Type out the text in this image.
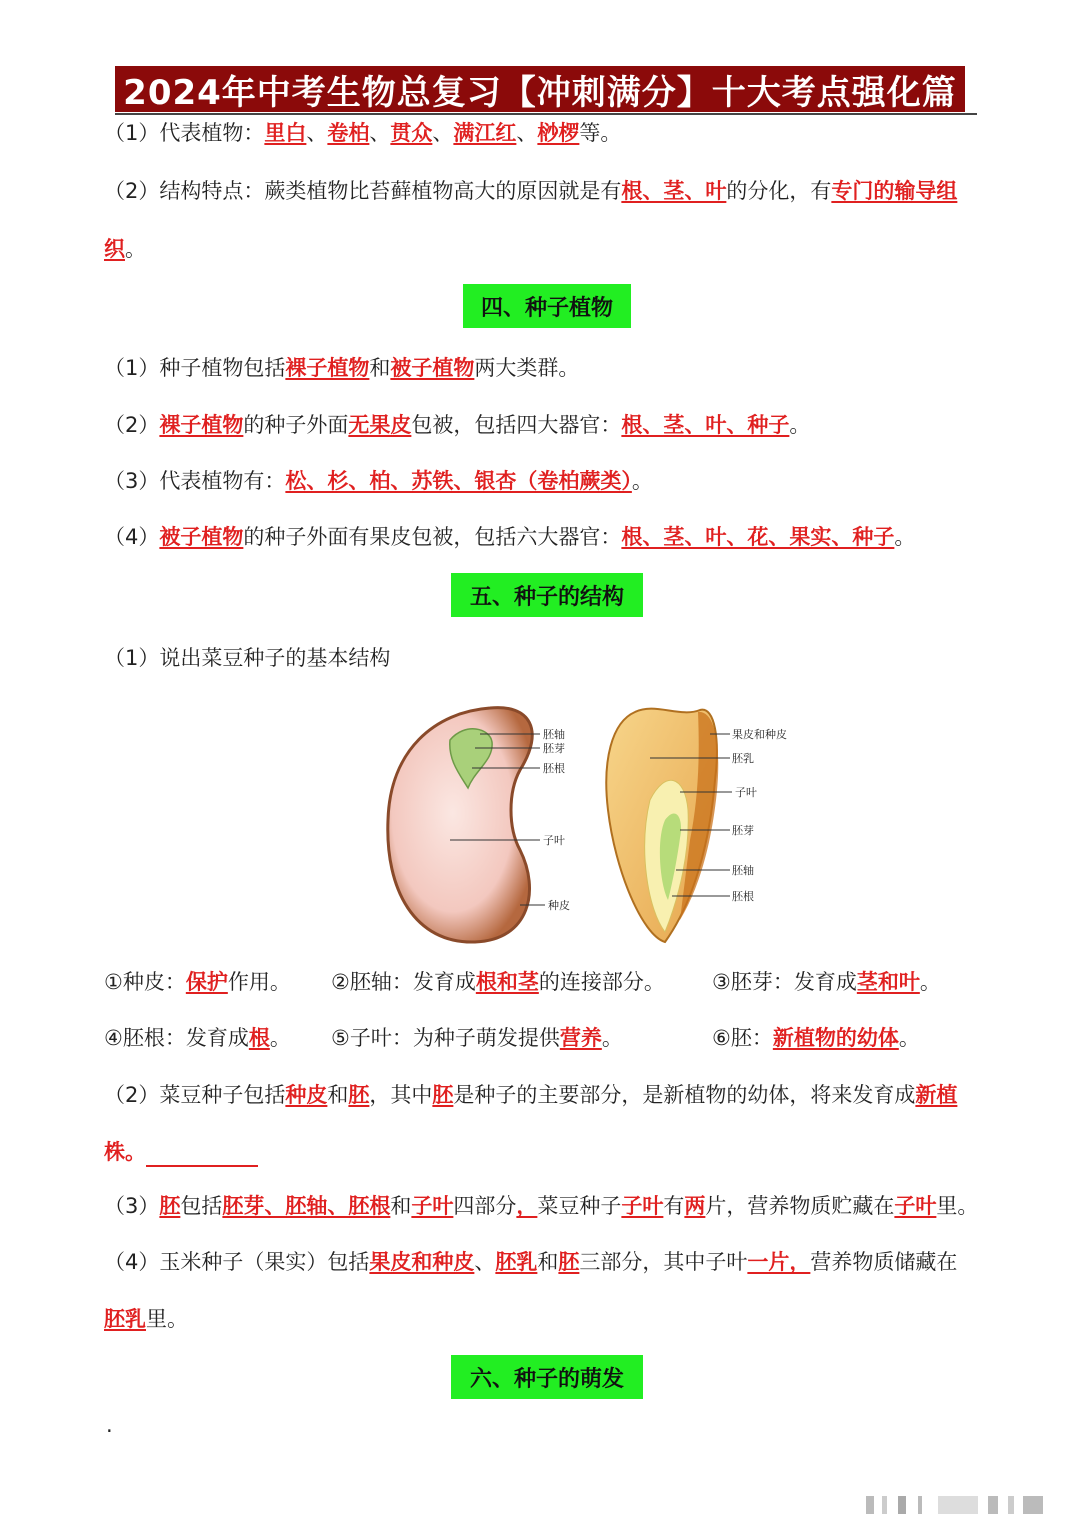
2024年中考生物总复习【冲刺满分】十大考点强化篇
（1）代表植物：里白、卷柏、贯众、满江红、桫椤等。
（2）结构特点：蕨类植物比苔藓植物高大的原因就是有根、茎、叶的分化，有专门的输导组
织。
四、种子植物
（1）种子植物包括裸子植物和被子植物两大类群。
（2）裸子植物的种子外面无果皮包被，包括四大器官：根、茎、叶、种子。
（3）代表植物有：松、杉、柏、苏铁、银杏（卷柏蕨类）。
（4）被子植物的种子外面有果皮包被，包括六大器官：根、茎、叶、花、果实、种子。
五、种子的结构
（1）说出菜豆种子的基本结构
胚轴
胚芽
胚根
子叶
种皮
果皮和种皮
胚乳
子叶
胚芽
胚轴
胚根
①种皮：保护作用。 ②胚轴：发育成根和茎的连接部分。 ③胚芽：发育成茎和叶。
④胚根：发育成根。 ⑤子叶：为种子萌发提供营养。	⑥胚：新植物的幼体。
（2）菜豆种子包括种皮和胚，其中胚是种子的主要部分，是新植物的幼体，将来发育成新植
株。
（3）胚包括胚芽、胚轴、胚根和子叶四部分，菜豆种子子叶有两片，营养物质贮藏在子叶里。
（4）玉米种子（果实）包括果皮和种皮、胚乳和胚三部分，其中子叶一片，营养物质储藏在
胚乳里。
六、种子的萌发
·
